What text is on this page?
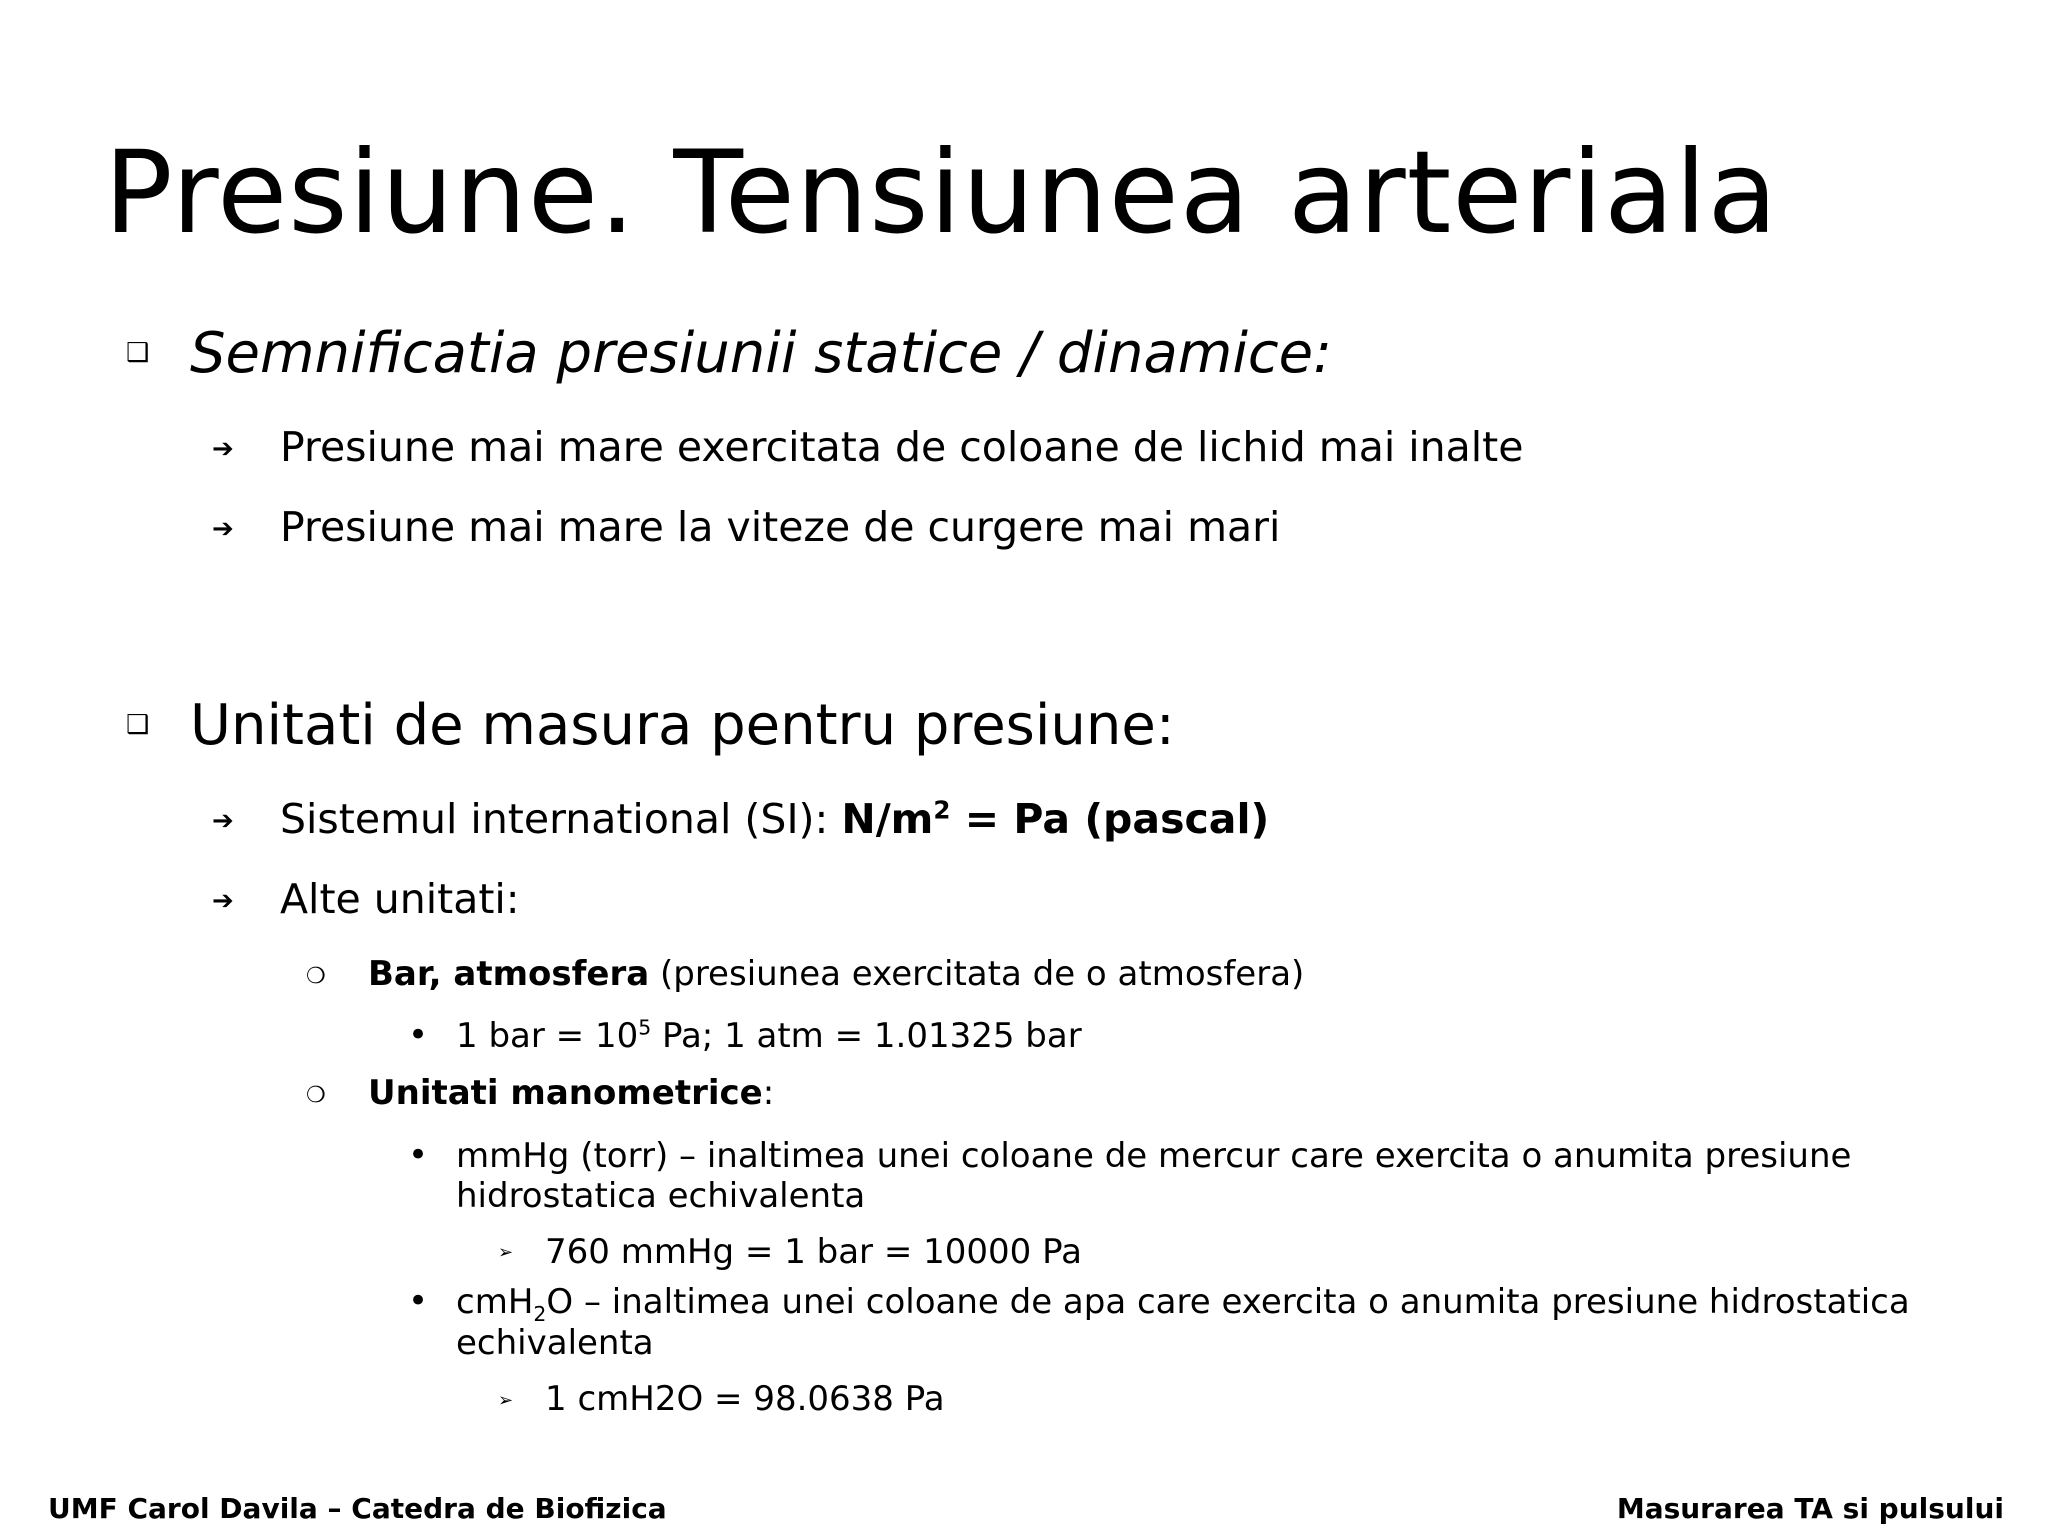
Presiune. Tensiunea arteriala
❑ Semnificatia presiunii statice / dinamice:
➔ Presiune mai mare exercitata de coloane de lichid mai inalte
➔ Presiune mai mare la viteze de curgere mai mari
❑ Unitati de masura pentru presiune:
➔ Sistemul international (SI): $N/m^2 = Pa$ (pascal)
➔ Alte unitati:
❍ Bar, atmosfera (presiunea exercitata de o atmosfera)
• 1 bar = $10^5$ Pa; 1 atm = 1.01325 bar
❍ Unitati manometrice:
• mmHg (torr) – inaltimea unei coloane de mercur care exercita o anumita presiune
hidrostatica echivalenta
➢ 760 mmHg = 1 bar = 10000 Pa
• cmH$_2$O – inaltimea unei coloane de apa care exercita o anumita presiune hidrostatica
echivalenta
➢ 1 cmH2O = 98.0638 Pa
UMF Carol Davila – Catedra de Biofizica	Masurarea TA si pulsului
